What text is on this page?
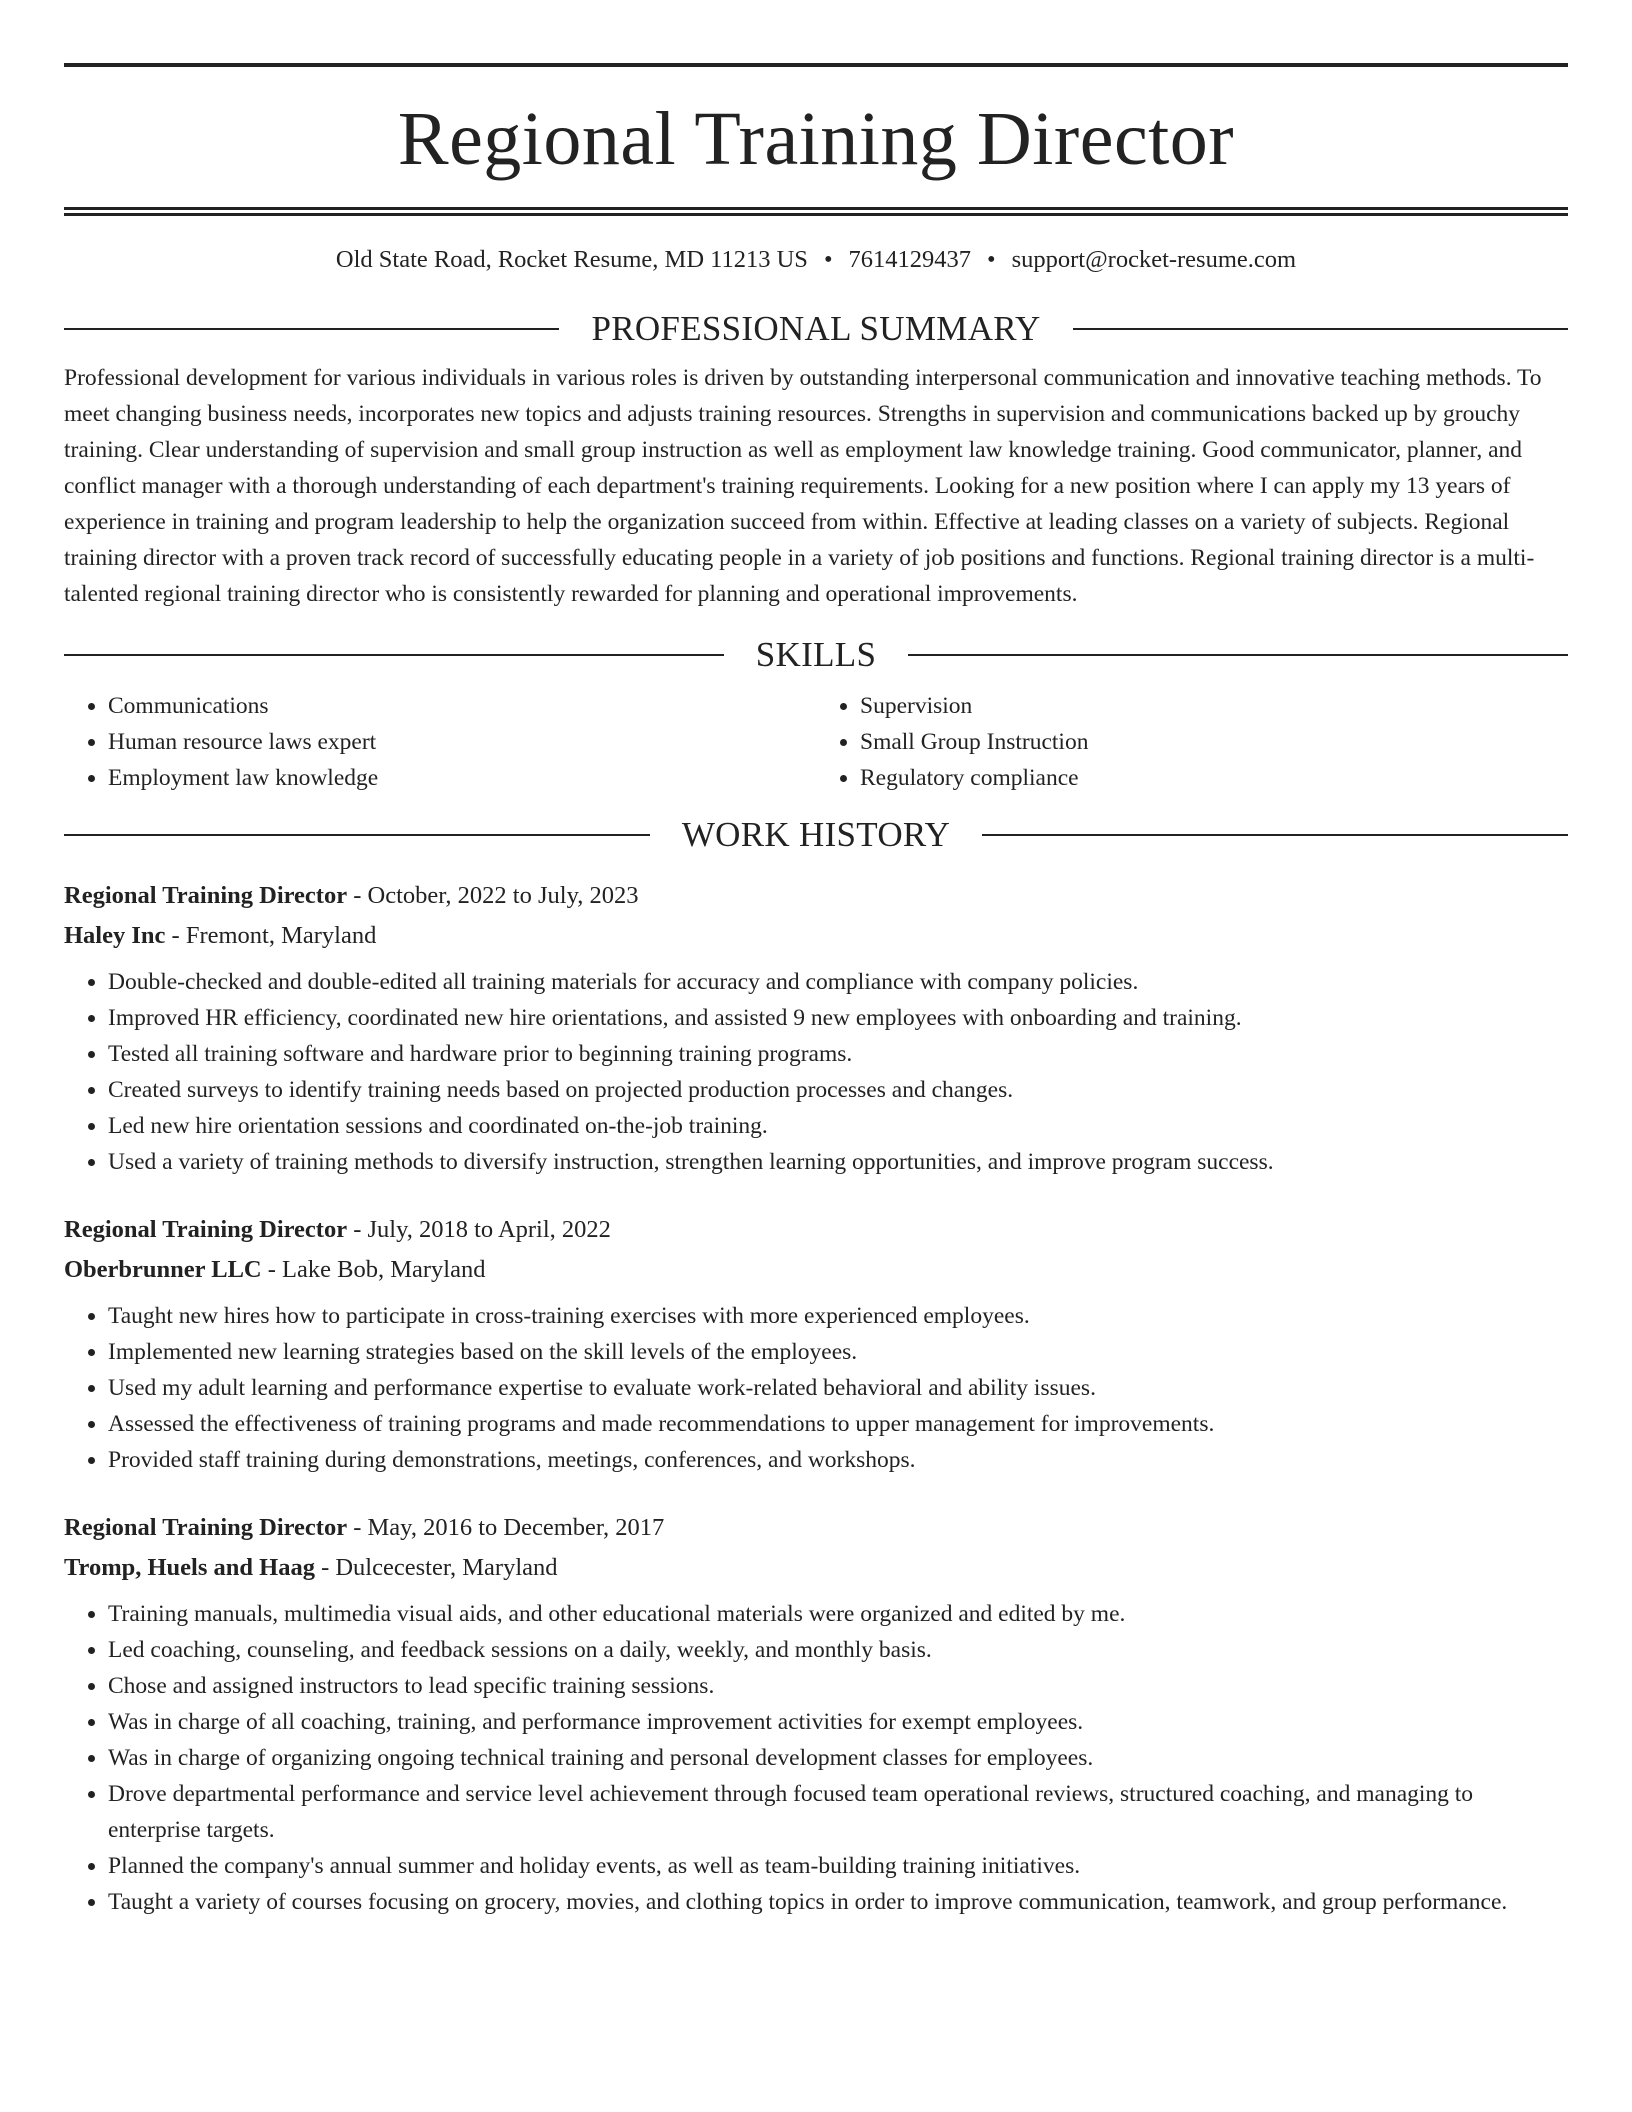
Regional Training Director
Old State Road, Rocket Resume, MD 11213 US • 7614129437 • support@rocket-resume.com
PROFESSIONAL SUMMARY
Professional development for various individuals in various roles is driven by outstanding interpersonal communication and innovative teaching methods. To meet changing business needs, incorporates new topics and adjusts training resources. Strengths in supervision and communications backed up by grouchy training. Clear understanding of supervision and small group instruction as well as employment law knowledge training. Good communicator, planner, and conflict manager with a thorough understanding of each department's training requirements. Looking for a new position where I can apply my 13 years of experience in training and program leadership to help the organization succeed from within. Effective at leading classes on a variety of subjects. Regional training director with a proven track record of successfully educating people in a variety of job positions and functions. Regional training director is a multi-talented regional training director who is consistently rewarded for planning and operational improvements.
SKILLS
• Communications
• Human resource laws expert
• Employment law knowledge
• Supervision
• Small Group Instruction
• Regulatory compliance
WORK HISTORY
Regional Training Director - October, 2022 to July, 2023
Haley Inc - Fremont, Maryland
• Double-checked and double-edited all training materials for accuracy and compliance with company policies.
• Improved HR efficiency, coordinated new hire orientations, and assisted 9 new employees with onboarding and training.
• Tested all training software and hardware prior to beginning training programs.
• Created surveys to identify training needs based on projected production processes and changes.
• Led new hire orientation sessions and coordinated on-the-job training.
• Used a variety of training methods to diversify instruction, strengthen learning opportunities, and improve program success.
Regional Training Director - July, 2018 to April, 2022
Oberbrunner LLC - Lake Bob, Maryland
• Taught new hires how to participate in cross-training exercises with more experienced employees.
• Implemented new learning strategies based on the skill levels of the employees.
• Used my adult learning and performance expertise to evaluate work-related behavioral and ability issues.
• Assessed the effectiveness of training programs and made recommendations to upper management for improvements.
• Provided staff training during demonstrations, meetings, conferences, and workshops.
Regional Training Director - May, 2016 to December, 2017
Tromp, Huels and Haag - Dulcecester, Maryland
• Training manuals, multimedia visual aids, and other educational materials were organized and edited by me.
• Led coaching, counseling, and feedback sessions on a daily, weekly, and monthly basis.
• Chose and assigned instructors to lead specific training sessions.
• Was in charge of all coaching, training, and performance improvement activities for exempt employees.
• Was in charge of organizing ongoing technical training and personal development classes for employees.
• Drove departmental performance and service level achievement through focused team operational reviews, structured coaching, and managing to enterprise targets.
• Planned the company's annual summer and holiday events, as well as team-building training initiatives.
• Taught a variety of courses focusing on grocery, movies, and clothing topics in order to improve communication, teamwork, and group performance.
